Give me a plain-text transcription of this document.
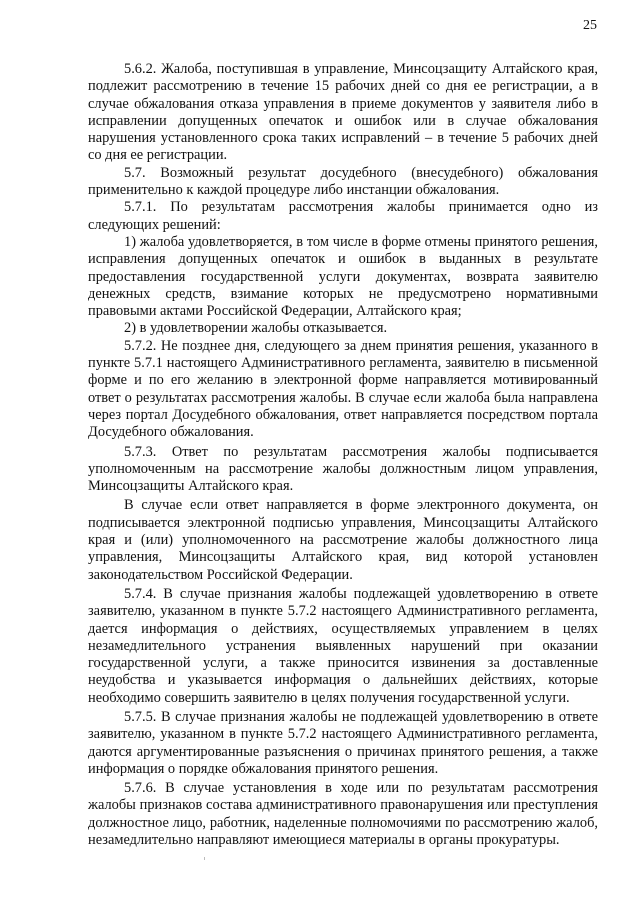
25

5.6.2. Жалоба, поступившая в управление, Минсоцзащиту Алтайского края, подлежит рассмотрению в течение 15 рабочих дней со дня ее регистрации, а в случае обжалования отказа управления в приеме документов у заявителя либо в исправлении допущенных опечаток и ошибок или в случае обжалования нарушения установленного срока таких исправлений – в течение 5 рабочих дней со дня ее регистрации.

5.7. Возможный результат досудебного (внесудебного) обжалования применительно к каждой процедуре либо инстанции обжалования.

5.7.1. По результатам рассмотрения жалобы принимается одно из следующих решений:

1) жалоба удовлетворяется, в том числе в форме отмены принятого решения, исправления допущенных опечаток и ошибок в выданных в результате предоставления государственной услуги документах, возврата заявителю денежных средств, взимание которых не предусмотрено нормативными правовыми актами Российской Федерации, Алтайского края;

2) в удовлетворении жалобы отказывается.

5.7.2. Не позднее дня, следующего за днем принятия решения, указанного в пункте 5.7.1 настоящего Административного регламента, заявителю в письменной форме и по его желанию в электронной форме направляется мотивированный ответ о результатах рассмотрения жалобы. В случае если жалоба была направлена через портал Досудебного обжалования, ответ направляется посредством портала Досудебного обжалования.

5.7.3. Ответ по результатам рассмотрения жалобы подписывается уполномоченным на рассмотрение жалобы должностным лицом управления, Минсоцзащиты Алтайского края.

В случае если ответ направляется в форме электронного документа, он подписывается электронной подписью управления, Минсоцзащиты Алтайского края и (или) уполномоченного на рассмотрение жалобы должностного лица управления, Минсоцзащиты Алтайского края, вид которой установлен законодательством Российской Федерации.

5.7.4. В случае признания жалобы подлежащей удовлетворению в ответе заявителю, указанном в пункте 5.7.2 настоящего Административного регламента, дается информация о действиях, осуществляемых управлением в целях незамедлительного устранения выявленных нарушений при оказании государственной услуги, а также приносится извинения за доставленные неудобства и указывается информация о дальнейших действиях, которые необходимо совершить заявителю в целях получения государственной услуги.

5.7.5. В случае признания жалобы не подлежащей удовлетворению в ответе заявителю, указанном в пункте 5.7.2 настоящего Административного регламента, даются аргументированные разъяснения о причинах принятого решения, а также информация о порядке обжалования принятого решения.

5.7.6. В случае установления в ходе или по результатам рассмотрения жалобы признаков состава административного правонарушения или преступления должностное лицо, работник, наделенные полномочиями по рассмотрению жалоб, незамедлительно направляют имеющиеся материалы в органы прокуратуры.
